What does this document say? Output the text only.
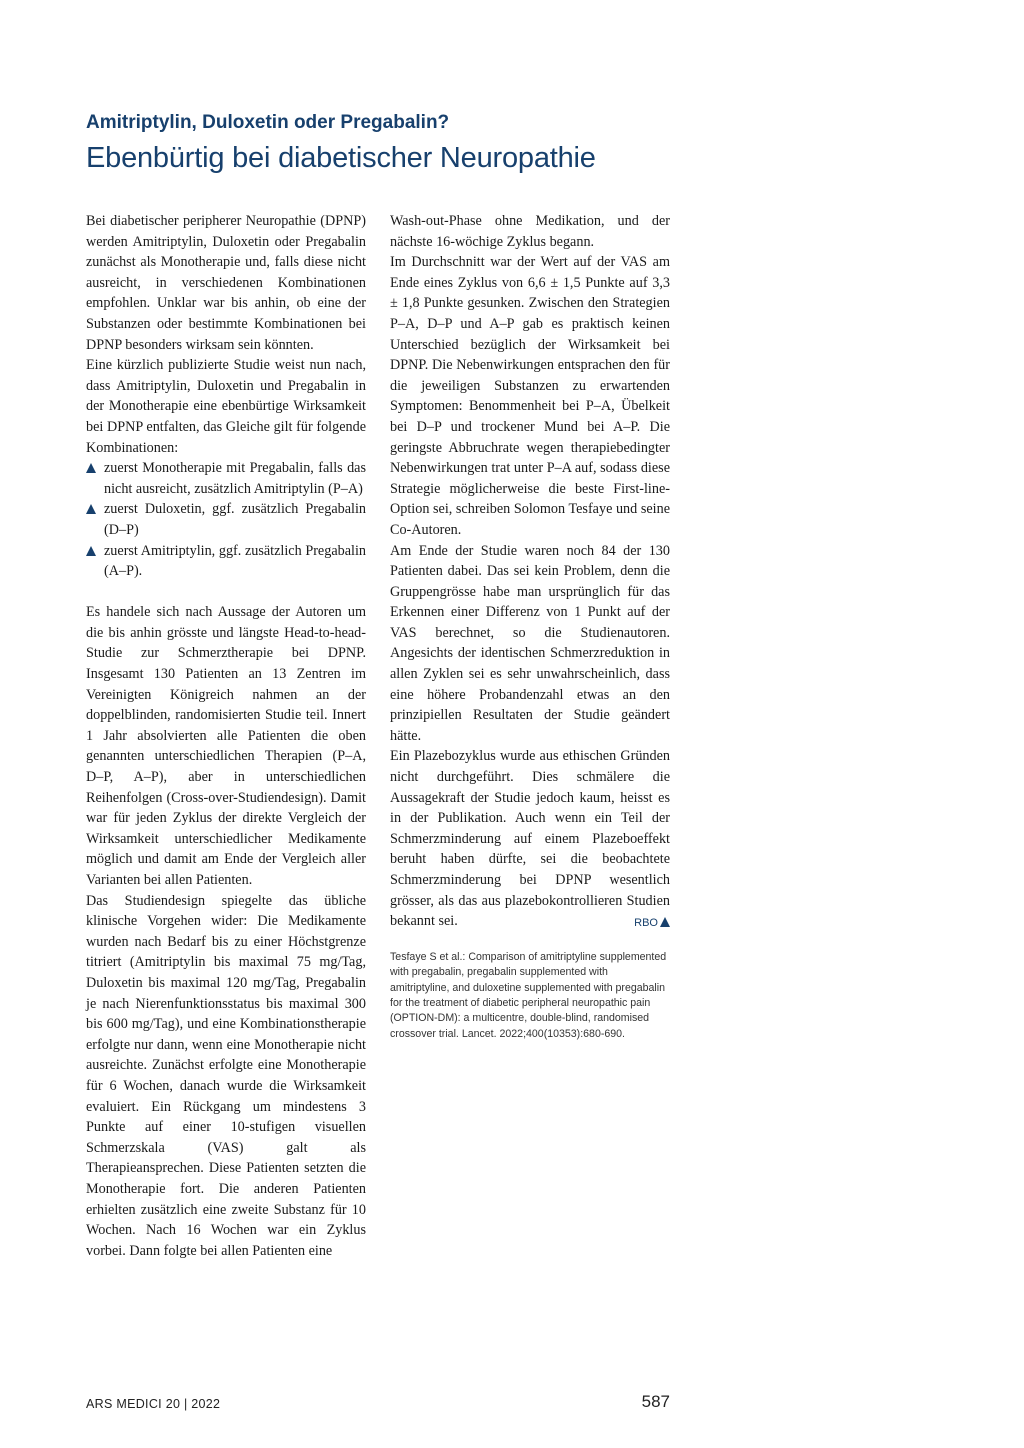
Amitriptylin, Duloxetin oder Pregabalin?
Ebenbürtig bei diabetischer Neuropathie

Bei diabetischer peripherer Neuropathie (DPNP) werden Amitriptylin, Duloxetin oder Pregabalin zunächst als Monotherapie und, falls diese nicht ausreicht, in verschiedenen Kombinationen empfohlen. Unklar war bis anhin, ob eine der Substanzen oder bestimmte Kombinationen bei DPNP besonders wirksam sein könnten.

Eine kürzlich publizierte Studie weist nun nach, dass Amitriptylin, Duloxetin und Pregabalin in der Monotherapie eine ebenbürtige Wirksamkeit bei DPNP entfalten, das Gleiche gilt für folgende Kombinationen:

zuerst Monotherapie mit Pregabalin, falls das nicht ausreicht, zusätzlich Amitriptylin (P–A)
zuerst Duloxetin, ggf. zusätzlich Pregabalin (D–P)
zuerst Amitriptylin, ggf. zusätzlich Pregabalin (A–P).

Es handele sich nach Aussage der Autoren um die bis anhin grösste und längste Head-to-head-Studie zur Schmerztherapie bei DPNP. Insgesamt 130 Patienten an 13 Zentren im Vereinigten Königreich nahmen an der doppelblinden, randomisierten Studie teil. Innert 1 Jahr absolvierten alle Patienten die oben genannten unterschiedlichen Therapien (P–A, D–P, A–P), aber in unterschiedlichen Reihenfolgen (Cross-over-Studiendesign). Damit war für jeden Zyklus der direkte Vergleich der Wirksamkeit unterschiedlicher Medikamente möglich und damit am Ende der Vergleich aller Varianten bei allen Patienten.

Das Studiendesign spiegelte das übliche klinische Vorgehen wider: Die Medikamente wurden nach Bedarf bis zu einer Höchstgrenze titriert (Amitriptylin bis maximal 75 mg/Tag, Duloxetin bis maximal 120 mg/Tag, Pregabalin je nach Nierenfunktionsstatus bis maximal 300 bis 600 mg/Tag), und eine Kombinationstherapie erfolgte nur dann, wenn eine Monotherapie nicht ausreichte. Zunächst erfolgte eine Monotherapie für 6 Wochen, danach wurde die Wirksamkeit evaluiert. Ein Rückgang um mindestens 3 Punkte auf einer 10-stufigen visuellen Schmerzskala (VAS) galt als Therapieansprechen. Diese Patienten setzten die Monotherapie fort. Die anderen Patienten erhielten zusätzlich eine zweite Substanz für 10 Wochen. Nach 16 Wochen war ein Zyklus vorbei. Dann folgte bei allen Patienten eine

Wash-out-Phase ohne Medikation, und der nächste 16-wöchige Zyklus begann.

Im Durchschnitt war der Wert auf der VAS am Ende eines Zyklus von 6,6 ± 1,5 Punkte auf 3,3 ± 1,8 Punkte gesunken. Zwischen den Strategien P–A, D–P und A–P gab es praktisch keinen Unterschied bezüglich der Wirksamkeit bei DPNP. Die Nebenwirkungen entsprachen den für die jeweiligen Substanzen zu erwartenden Symptomen: Benommenheit bei P–A, Übelkeit bei D–P und trockener Mund bei A–P. Die geringste Abbruchrate wegen therapiebedingter Nebenwirkungen trat unter P–A auf, sodass diese Strategie möglicherweise die beste First-line-Option sei, schreiben Solomon Tesfaye und seine Co-Autoren.

Am Ende der Studie waren noch 84 der 130 Patienten dabei. Das sei kein Problem, denn die Gruppengrösse habe man ursprünglich für das Erkennen einer Differenz von 1 Punkt auf der VAS berechnet, so die Studienautoren. Angesichts der identischen Schmerzreduktion in allen Zyklen sei es sehr unwahrscheinlich, dass eine höhere Probandenzahl etwas an den prinzipiellen Resultaten der Studie geändert hätte.

Ein Plazebozyklus wurde aus ethischen Gründen nicht durchgeführt. Dies schmälere die Aussagekraft der Studie jedoch kaum, heisst es in der Publikation. Auch wenn ein Teil der Schmerzminderung auf einem Plazeboeffekt beruht haben dürfte, sei die beobachtete Schmerzminderung bei DPNP wesentlich grösser, als das aus plazebokontrollieren Studien bekannt sei.	RBO

Tesfaye S et al.: Comparison of amitriptyline supplemented with pregabalin, pregabalin supplemented with amitriptyline, and duloxetine supplemented with pregabalin for the treatment of diabetic peripheral neuropathic pain (OPTION-DM): a multicentre, double-blind, randomised crossover trial. Lancet. 2022;400(10353):680-690.
ARS MEDICI 20 | 2022	587
